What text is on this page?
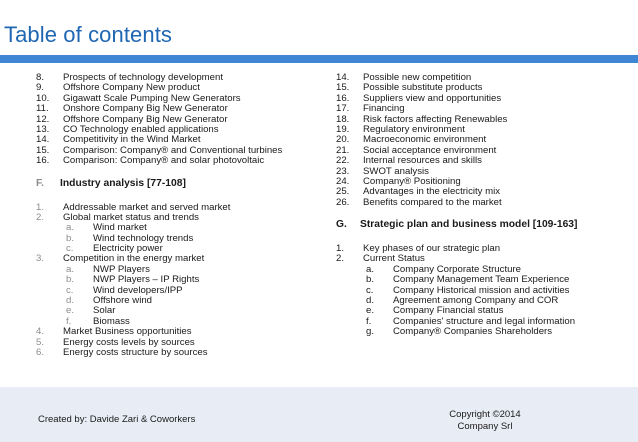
Table of contents
8. Prospects of technology development
9. Offshore Company New product
10. Gigawatt Scale Pumping New Generators
11. Onshore Company Big New Generator
12. Offshore Company Big New Generator
13. CO Technology enabled applications
14. Competitivity in the Wind Market
15. Comparison: Company® and Conventional turbines
16. Comparison: Company® and solar photovoltaic
F. Industry analysis [77-108]
1. Addressable market and served market
2. Global market status and trends
a. Wind market
b. Wind technology trends
c. Electricity power
3. Competition in the energy market
a. NWP Players
b. NWP Players – IP Rights
c. Wind developers/IPP
d. Offshore wind
e. Solar
f. Biomass
4. Market Business opportunities
5. Energy costs levels by sources
6. Energy costs structure by sources
14. Possible new competition
15. Possible substitute products
16. Suppliers view and opportunities
17. Financing
18. Risk factors affecting Renewables
19. Regulatory environment
20. Macroeconomic environment
21. Social acceptance environment
22. Internal resources and skills
23. SWOT analysis
24. Company® Positioning
25. Advantages in the electricity mix
26. Benefits compared to the market
G. Strategic plan and business model [109-163]
1. Key phases of our strategic plan
2. Current Status
a. Company Corporate Structure
b. Company Management Team Experience
c. Company Historical mission and activities
d. Agreement among Company and COR
e. Company Financial status
f. Companies' structure and legal information
g. Company® Companies Shareholders
Created by: Davide Zari & Coworkers	Copyright ©2014
Company Srl
